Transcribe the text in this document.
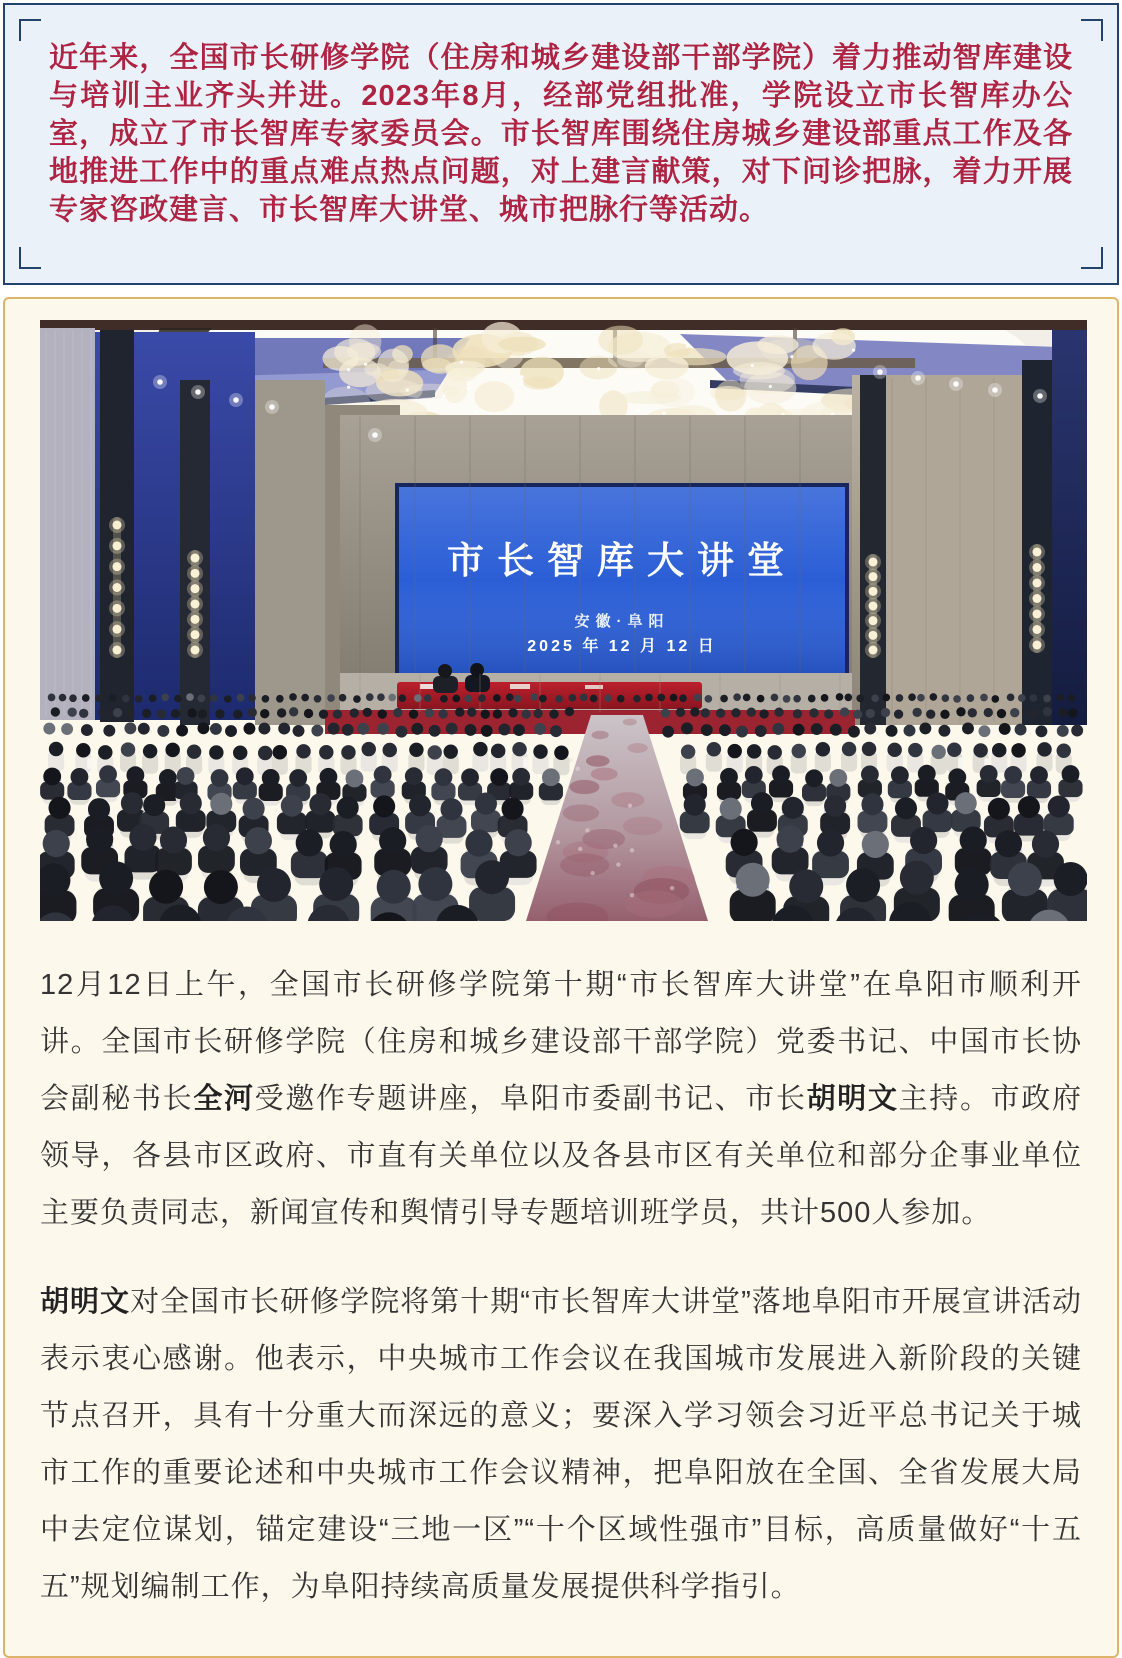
近年来，全国市长研修学院（住房和城乡建设部干部学院）着力推动智库建设与培训主业齐头并进。2023年8月，经部党组批准，学院设立市长智库办公室，成立了市长智库专家委员会。市长智库围绕住房城乡建设部重点工作及各地推进工作中的重点难点热点问题，对上建言献策，对下问诊把脉，着力开展专家咨政建言、市长智库大讲堂、城市把脉行等活动。

市长智库大讲堂
安徽·阜阳
2025 年 12 月 12 日

12月12日上午，全国市长研修学院第十期“市长智库大讲堂”在阜阳市顺利开讲。全国市长研修学院（住房和城乡建设部干部学院）党委书记、中国市长协会副秘书长全河受邀作专题讲座，阜阳市委副书记、市长胡明文主持。市政府领导，各县市区政府、市直有关单位以及各县市区有关单位和部分企事业单位主要负责同志，新闻宣传和舆情引导专题培训班学员，共计500人参加。

胡明文对全国市长研修学院将第十期“市长智库大讲堂”落地阜阳市开展宣讲活动表示衷心感谢。他表示，中央城市工作会议在我国城市发展进入新阶段的关键节点召开，具有十分重大而深远的意义；要深入学习领会习近平总书记关于城市工作的重要论述和中央城市工作会议精神，把阜阳放在全国、全省发展大局中去定位谋划，锚定建设“三地一区”“十个区域性强市”目标，高质量做好“十五五”规划编制工作，为阜阳持续高质量发展提供科学指引。
